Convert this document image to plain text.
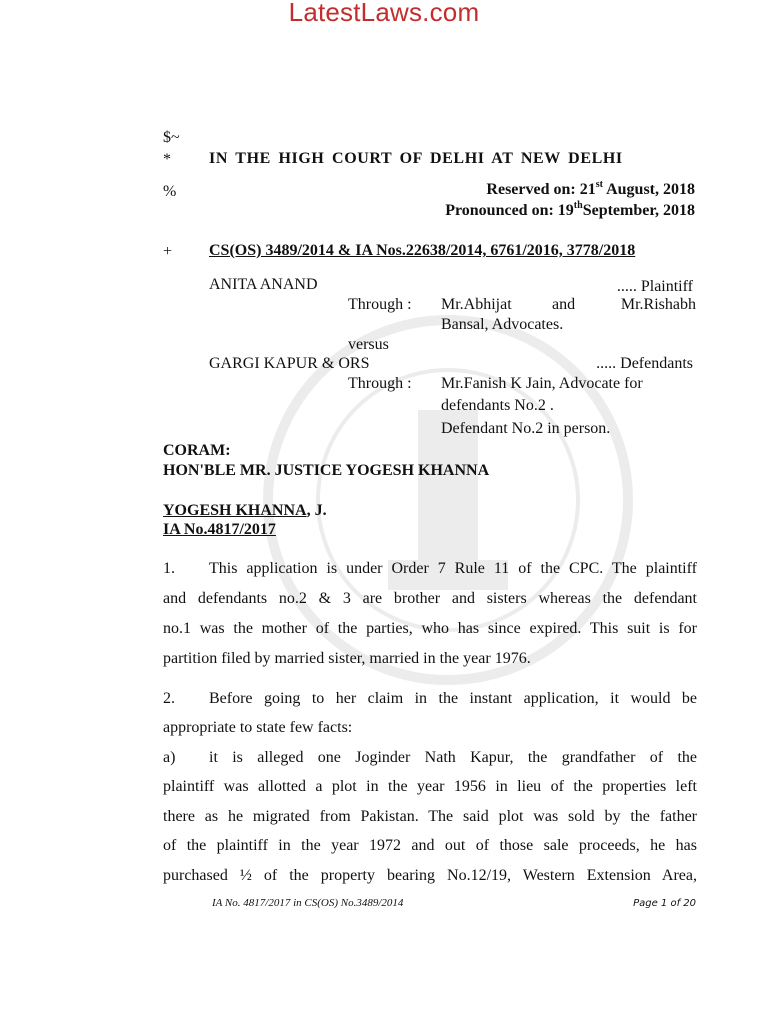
LatestLaws.com
$~
* IN THE HIGH COURT OF DELHI AT NEW DELHI
%	Reserved on: 21st August, 2018
Pronounced on: 19thSeptember, 2018
+ CS(OS) 3489/2014 & IA Nos.22638/2014, 6761/2016, 3778/2018
ANITA ANAND	..... Plaintiff
Through : Mr.Abhijat	and	Mr.Rishabh
Bansal, Advocates.
versus
GARGI KAPUR & ORS	..... Defendants
Through : Mr.Fanish K Jain, Advocate for
defendants No.2 .
Defendant No.2 in person.
CORAM:
HON'BLE MR. JUSTICE YOGESH KHANNA
YOGESH KHANNA, J.
IA No.4817/2017
1. This application is under Order 7 Rule 11 of the CPC. The plaintiff
and defendants no.2 & 3 are brother and sisters whereas the defendant
no.1 was the mother of the parties, who has since expired. This suit is for
partition filed by married sister, married in the year 1976.
2. Before going to her claim in the instant application, it would be
appropriate to state few facts:
a) it is alleged one Joginder Nath Kapur, the grandfather of the
plaintiff was allotted a plot in the year 1956 in lieu of the properties left
there as he migrated from Pakistan. The said plot was sold by the father
of the plaintiff in the year 1972 and out of those sale proceeds, he has
purchased ½ of the property bearing No.12/19, Western Extension Area,
IA No. 4817/2017 in CS(OS) No.3489/2014	Page 1 of 20
